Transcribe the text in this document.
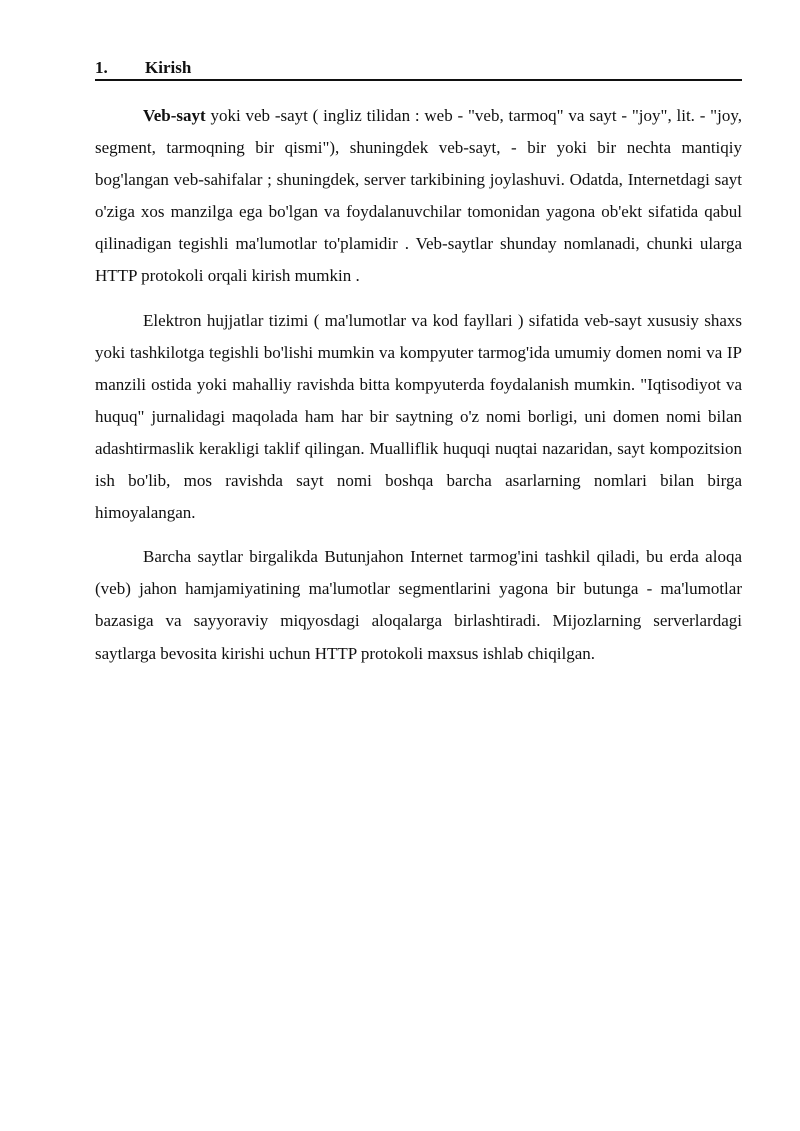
1. Kirish

Veb-sayt yoki veb -sayt ( ingliz tilidan : web - "veb, tarmoq" va sayt - "joy", lit. - "joy, segment, tarmoqning bir qismi"), shuningdek veb-sayt, - bir yoki bir nechta mantiqiy bog'langan veb-sahifalar ; shuningdek, server tarkibining joylashuvi. Odatda, Internetdagi sayt o'ziga xos manzilga ega bo'lgan va foydalanuvchilar tomonidan yagona ob'ekt sifatida qabul qilinadigan tegishli ma'lumotlar to'plamidir . Veb-saytlar shunday nomlanadi, chunki ularga HTTP protokoli orqali kirish mumkin .

Elektron hujjatlar tizimi ( ma'lumotlar va kod fayllari ) sifatida veb-sayt xususiy shaxs yoki tashkilotga tegishli bo'lishi mumkin va kompyuter tarmog'ida umumiy domen nomi va IP manzili ostida yoki mahalliy ravishda bitta kompyuterda foydalanish mumkin. "Iqtisodiyot va huquq" jurnalidagi maqolada ham har bir saytning o'z nomi borligi, uni domen nomi bilan adashtirmaslik kerakligi taklif qilingan. Mualliflik huquqi nuqtai nazaridan, sayt kompozitsion ish bo'lib, mos ravishda sayt nomi boshqa barcha asarlarning nomlari bilan birga himoyalangan.

Barcha saytlar birgalikda Butunjahon Internet tarmog'ini tashkil qiladi, bu erda aloqa (veb) jahon hamjamiyatining ma'lumotlar segmentlarini yagona bir butunga - ma'lumotlar bazasiga va sayyoraviy miqyosdagi aloqalarga birlashtiradi. Mijozlarning serverlardagi saytlarga bevosita kirishi uchun HTTP protokoli maxsus ishlab chiqilgan.
